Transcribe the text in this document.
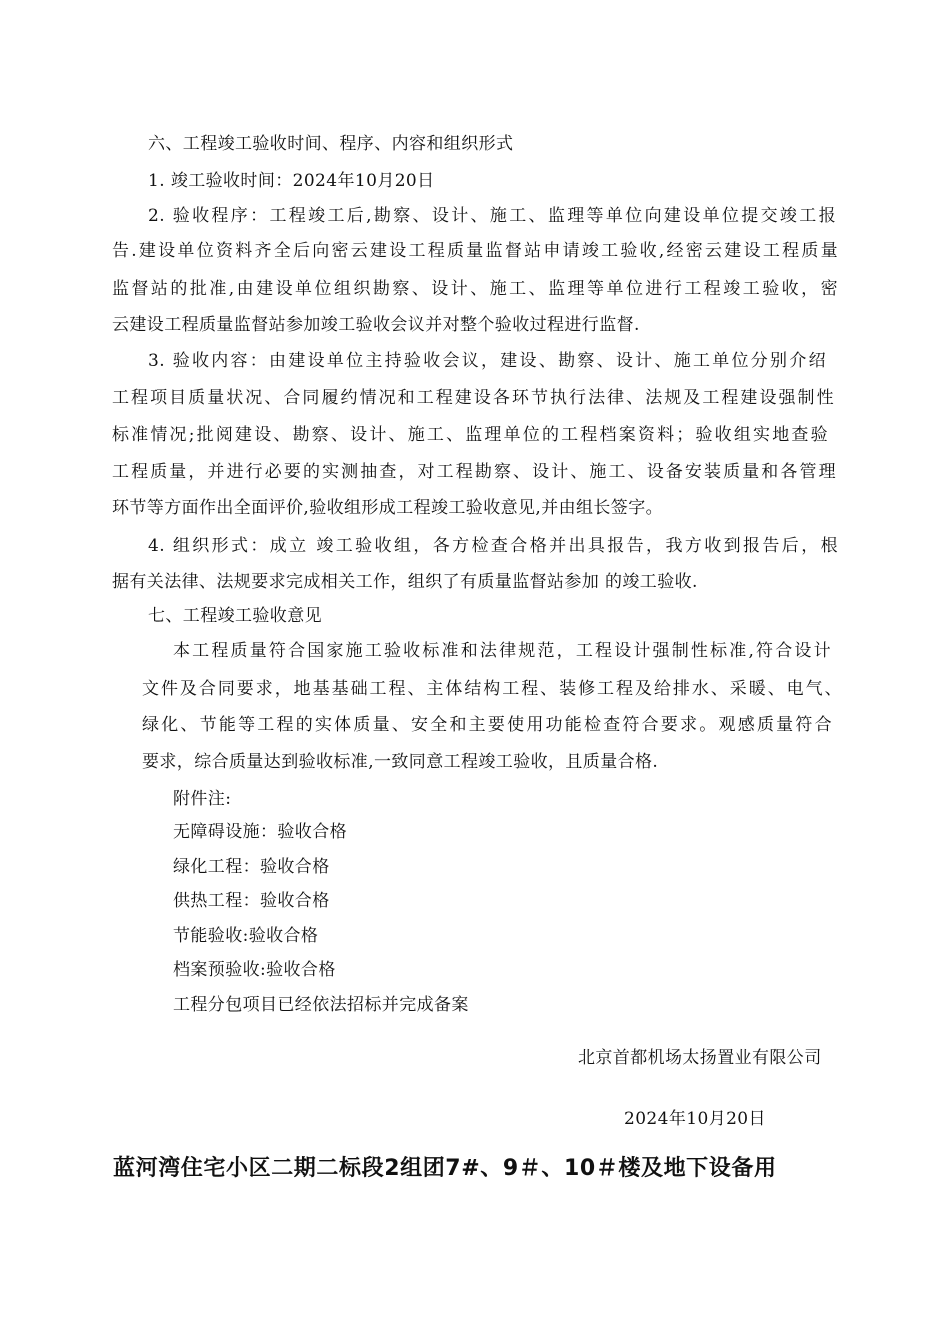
六、工程竣工验收时间、程序、内容和组织形式
1. 竣工验收时间：2024年10月20日
2. 验收程序：工程竣工后,勘察、设计、施工、监理等单位向建设单位提交竣工报
告.建设单位资料齐全后向密云建设工程质量监督站申请竣工验收,经密云建设工程质量
监督站的批准,由建设单位组织勘察、设计、施工、监理等单位进行工程竣工验收，密
云建设工程质量监督站参加竣工验收会议并对整个验收过程进行监督.
3. 验收内容：由建设单位主持验收会议，建设、勘察、设计、施工单位分别介绍
工程项目质量状况、合同履约情况和工程建设各环节执行法律、法规及工程建设强制性
标准情况;批阅建设、勘察、设计、施工、监理单位的工程档案资料；验收组实地查验
工程质量，并进行必要的实测抽查，对工程勘察、设计、施工、设备安装质量和各管理
环节等方面作出全面评价,验收组形成工程竣工验收意见,并由组长签字。
4. 组织形式：成立 竣工验收组，各方检查合格并出具报告，我方收到报告后，根
据有关法律、法规要求完成相关工作，组织了有质量监督站参加 的竣工验收.
七、工程竣工验收意见
本工程质量符合国家施工验收标准和法律规范，工程设计强制性标准,符合设计
文件及合同要求，地基基础工程、主体结构工程、装修工程及给排水、采暖、电气、
绿化、节能等工程的实体质量、安全和主要使用功能检查符合要求。观感质量符合
要求，综合质量达到验收标准,一致同意工程竣工验收，且质量合格.
附件注:
无障碍设施：验收合格
绿化工程：验收合格
供热工程：验收合格
节能验收:验收合格
档案预验收:验收合格
工程分包项目已经依法招标并完成备案
北京首都机场太扬置业有限公司
2024年10月20日
蓝河湾住宅小区二期二标段2组团7#、9＃、10＃楼及地下设备用
